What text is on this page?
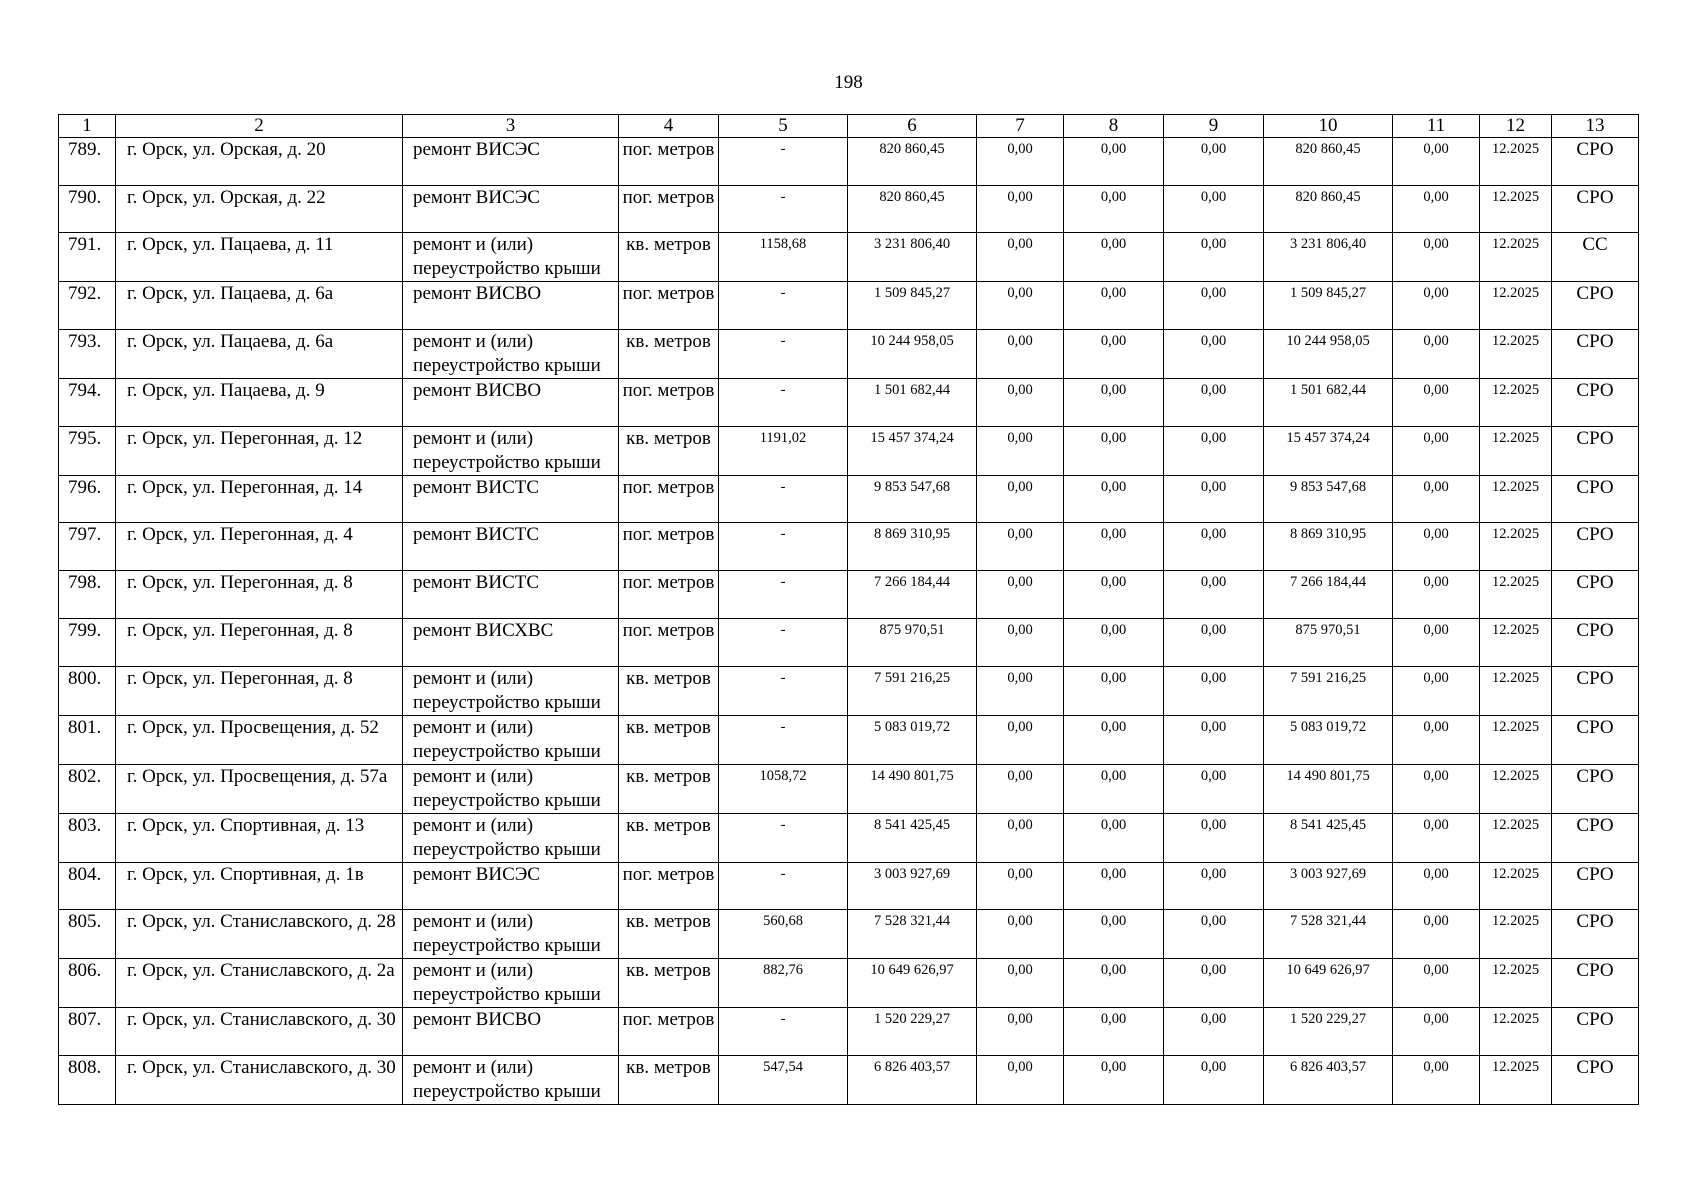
198
1	2	3	4	5	6	7	8	9	10	11	12	13
789.	г. Орск, ул. Орская, д. 20	ремонт ВИСЭС	пог. метров	-	820 860,45	0,00	0,00	0,00	820 860,45	0,00	12.2025	СРО
790.	г. Орск, ул. Орская, д. 22	ремонт ВИСЭС	пог. метров	-	820 860,45	0,00	0,00	0,00	820 860,45	0,00	12.2025	СРО
791.	г. Орск, ул. Пацаева, д. 11	ремонт и (или) переустройство крыши	кв. метров	1158,68	3 231 806,40	0,00	0,00	0,00	3 231 806,40	0,00	12.2025	СС
792.	г. Орск, ул. Пацаева, д. 6а	ремонт ВИСВО	пог. метров	-	1 509 845,27	0,00	0,00	0,00	1 509 845,27	0,00	12.2025	СРО
793.	г. Орск, ул. Пацаева, д. 6а	ремонт и (или) переустройство крыши	кв. метров	-	10 244 958,05	0,00	0,00	0,00	10 244 958,05	0,00	12.2025	СРО
794.	г. Орск, ул. Пацаева, д. 9	ремонт ВИСВО	пог. метров	-	1 501 682,44	0,00	0,00	0,00	1 501 682,44	0,00	12.2025	СРО
795.	г. Орск, ул. Перегонная, д. 12	ремонт и (или) переустройство крыши	кв. метров	1191,02	15 457 374,24	0,00	0,00	0,00	15 457 374,24	0,00	12.2025	СРО
796.	г. Орск, ул. Перегонная, д. 14	ремонт ВИСТС	пог. метров	-	9 853 547,68	0,00	0,00	0,00	9 853 547,68	0,00	12.2025	СРО
797.	г. Орск, ул. Перегонная, д. 4	ремонт ВИСТС	пог. метров	-	8 869 310,95	0,00	0,00	0,00	8 869 310,95	0,00	12.2025	СРО
798.	г. Орск, ул. Перегонная, д. 8	ремонт ВИСТС	пог. метров	-	7 266 184,44	0,00	0,00	0,00	7 266 184,44	0,00	12.2025	СРО
799.	г. Орск, ул. Перегонная, д. 8	ремонт ВИСХВС	пог. метров	-	875 970,51	0,00	0,00	0,00	875 970,51	0,00	12.2025	СРО
800.	г. Орск, ул. Перегонная, д. 8	ремонт и (или) переустройство крыши	кв. метров	-	7 591 216,25	0,00	0,00	0,00	7 591 216,25	0,00	12.2025	СРО
801.	г. Орск, ул. Просвещения, д. 52	ремонт и (или) переустройство крыши	кв. метров	-	5 083 019,72	0,00	0,00	0,00	5 083 019,72	0,00	12.2025	СРО
802.	г. Орск, ул. Просвещения, д. 57а	ремонт и (или) переустройство крыши	кв. метров	1058,72	14 490 801,75	0,00	0,00	0,00	14 490 801,75	0,00	12.2025	СРО
803.	г. Орск, ул. Спортивная, д. 13	ремонт и (или) переустройство крыши	кв. метров	-	8 541 425,45	0,00	0,00	0,00	8 541 425,45	0,00	12.2025	СРО
804.	г. Орск, ул. Спортивная, д. 1в	ремонт ВИСЭС	пог. метров	-	3 003 927,69	0,00	0,00	0,00	3 003 927,69	0,00	12.2025	СРО
805.	г. Орск, ул. Станиславского, д. 28	ремонт и (или) переустройство крыши	кв. метров	560,68	7 528 321,44	0,00	0,00	0,00	7 528 321,44	0,00	12.2025	СРО
806.	г. Орск, ул. Станиславского, д. 2а	ремонт и (или) переустройство крыши	кв. метров	882,76	10 649 626,97	0,00	0,00	0,00	10 649 626,97	0,00	12.2025	СРО
807.	г. Орск, ул. Станиславского, д. 30	ремонт ВИСВО	пог. метров	-	1 520 229,27	0,00	0,00	0,00	1 520 229,27	0,00	12.2025	СРО
808.	г. Орск, ул. Станиславского, д. 30	ремонт и (или) переустройство крыши	кв. метров	547,54	6 826 403,57	0,00	0,00	0,00	6 826 403,57	0,00	12.2025	СРО
